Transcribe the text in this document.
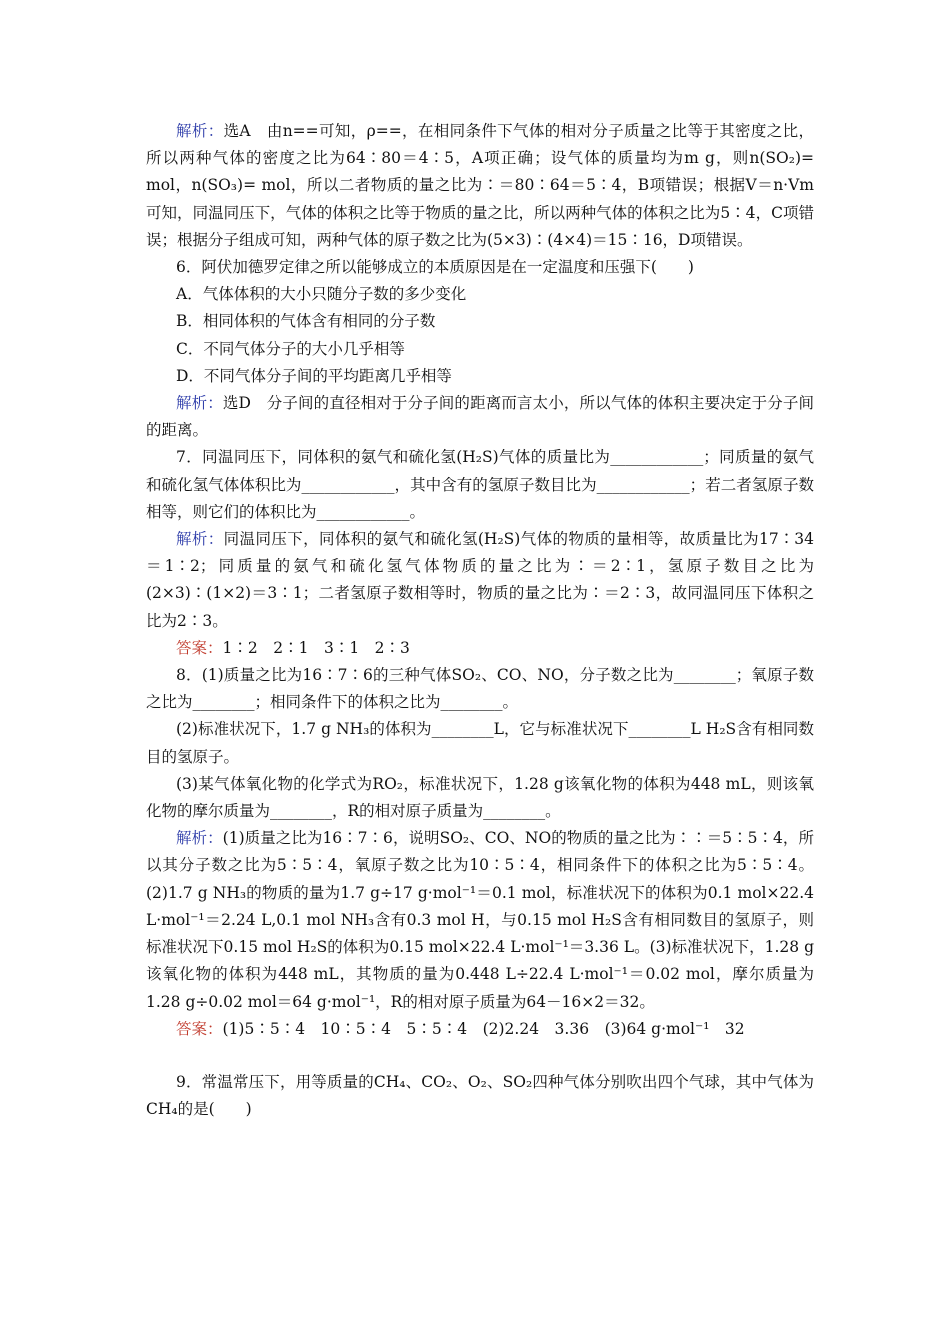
解析：选A　由n==可知，ρ==，在相同条件下气体的相对分子质量之比等于其密度之比，所以两种气体的密度之比为64∶80＝4∶5，A项正确；设气体的质量均为m g，则n(SO₂)= mol，n(SO₃)= mol，所以二者物质的量之比为∶＝80∶64＝5∶4，B项错误；根据V＝n·Vm可知，同温同压下，气体的体积之比等于物质的量之比，所以两种气体的体积之比为5∶4，C项错误；根据分子组成可知，两种气体的原子数之比为(5×3)∶(4×4)＝15∶16，D项错误。

6．阿伏加德罗定律之所以能够成立的本质原因是在一定温度和压强下(　　)

A．气体体积的大小只随分子数的多少变化

B．相同体积的气体含有相同的分子数

C．不同气体分子的大小几乎相等

D．不同气体分子间的平均距离几乎相等

解析：选D　分子间的直径相对于分子间的距离而言太小，所以气体的体积主要决定于分子间的距离。

7．同温同压下，同体积的氨气和硫化氢(H₂S)气体的质量比为____________；同质量的氨气和硫化氢气体体积比为____________，其中含有的氢原子数目比为____________；若二者氢原子数相等，则它们的体积比为____________。

解析：同温同压下，同体积的氨气和硫化氢(H₂S)气体的物质的量相等，故质量比为17∶34＝1∶2；同质量的氨气和硫化氢气体物质的量之比为∶＝2∶1，氢原子数目之比为(2×3)∶(1×2)＝3∶1；二者氢原子数相等时，物质的量之比为∶＝2∶3，故同温同压下体积之比为2∶3。

答案：1∶2　2∶1　3∶1　2∶3

8．(1)质量之比为16∶7∶6的三种气体SO₂、CO、NO，分子数之比为________；氧原子数之比为________；相同条件下的体积之比为________。

(2)标准状况下，1.7 g NH₃的体积为________L，它与标准状况下________L H₂S含有相同数目的氢原子。

(3)某气体氧化物的化学式为RO₂，标准状况下，1.28 g该氧化物的体积为448 mL，则该氧化物的摩尔质量为________，R的相对原子质量为________。

解析：(1)质量之比为16∶7∶6，说明SO₂、CO、NO的物质的量之比为∶∶＝5∶5∶4，所以其分子数之比为5∶5∶4，氧原子数之比为10∶5∶4，相同条件下的体积之比为5∶5∶4。(2)1.7 g NH₃的物质的量为1.7 g÷17 g·mol⁻¹＝0.1 mol，标准状况下的体积为0.1 mol×22.4 L·mol⁻¹＝2.24 L,0.1 mol NH₃含有0.3 mol H，与0.15 mol H₂S含有相同数目的氢原子，则标准状况下0.15 mol H₂S的体积为0.15 mol×22.4 L·mol⁻¹＝3.36 L。(3)标准状况下，1.28 g该氧化物的体积为448 mL，其物质的量为0.448 L÷22.4 L·mol⁻¹＝0.02 mol，摩尔质量为1.28 g÷0.02 mol＝64 g·mol⁻¹，R的相对原子质量为64－16×2＝32。

答案：(1)5∶5∶4　10∶5∶4　5∶5∶4　(2)2.24　3.36　(3)64 g·mol⁻¹　32

9．常温常压下，用等质量的CH₄、CO₂、O₂、SO₂四种气体分别吹出四个气球，其中气体为CH₄的是(　　)
